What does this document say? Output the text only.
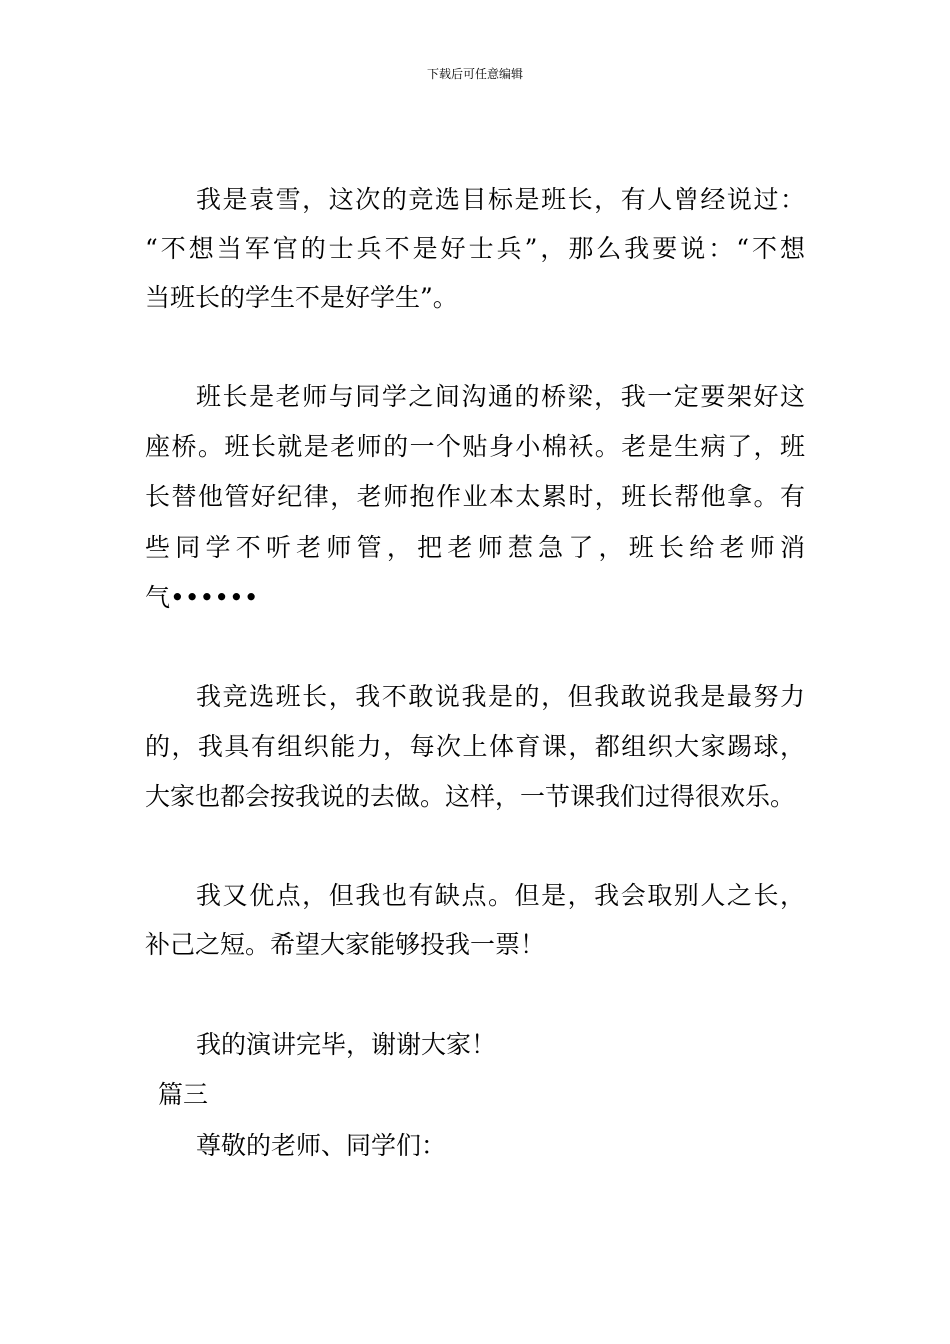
下载后可任意编辑
我是袁雪，这次的竞选目标是班长，有人曾经说过：
“不想当军官的士兵不是好士兵”，那么我要说：“不想
当班长的学生不是好学生”。
班长是老师与同学之间沟通的桥梁，我一定要架好这
座桥。班长就是老师的一个贴身小棉袄。老是生病了，班
长替他管好纪律，老师抱作业本太累时，班长帮他拿。有
些同学不听老师管，把老师惹急了，班长给老师消
气••••••
我竞选班长，我不敢说我是的，但我敢说我是最努力
的，我具有组织能力，每次上体育课，都组织大家踢球，
大家也都会按我说的去做。这样，一节课我们过得很欢乐。
我又优点，但我也有缺点。但是，我会取别人之长，
补己之短。希望大家能够投我一票！
我的演讲完毕，谢谢大家！
篇三
尊敬的老师、同学们：
